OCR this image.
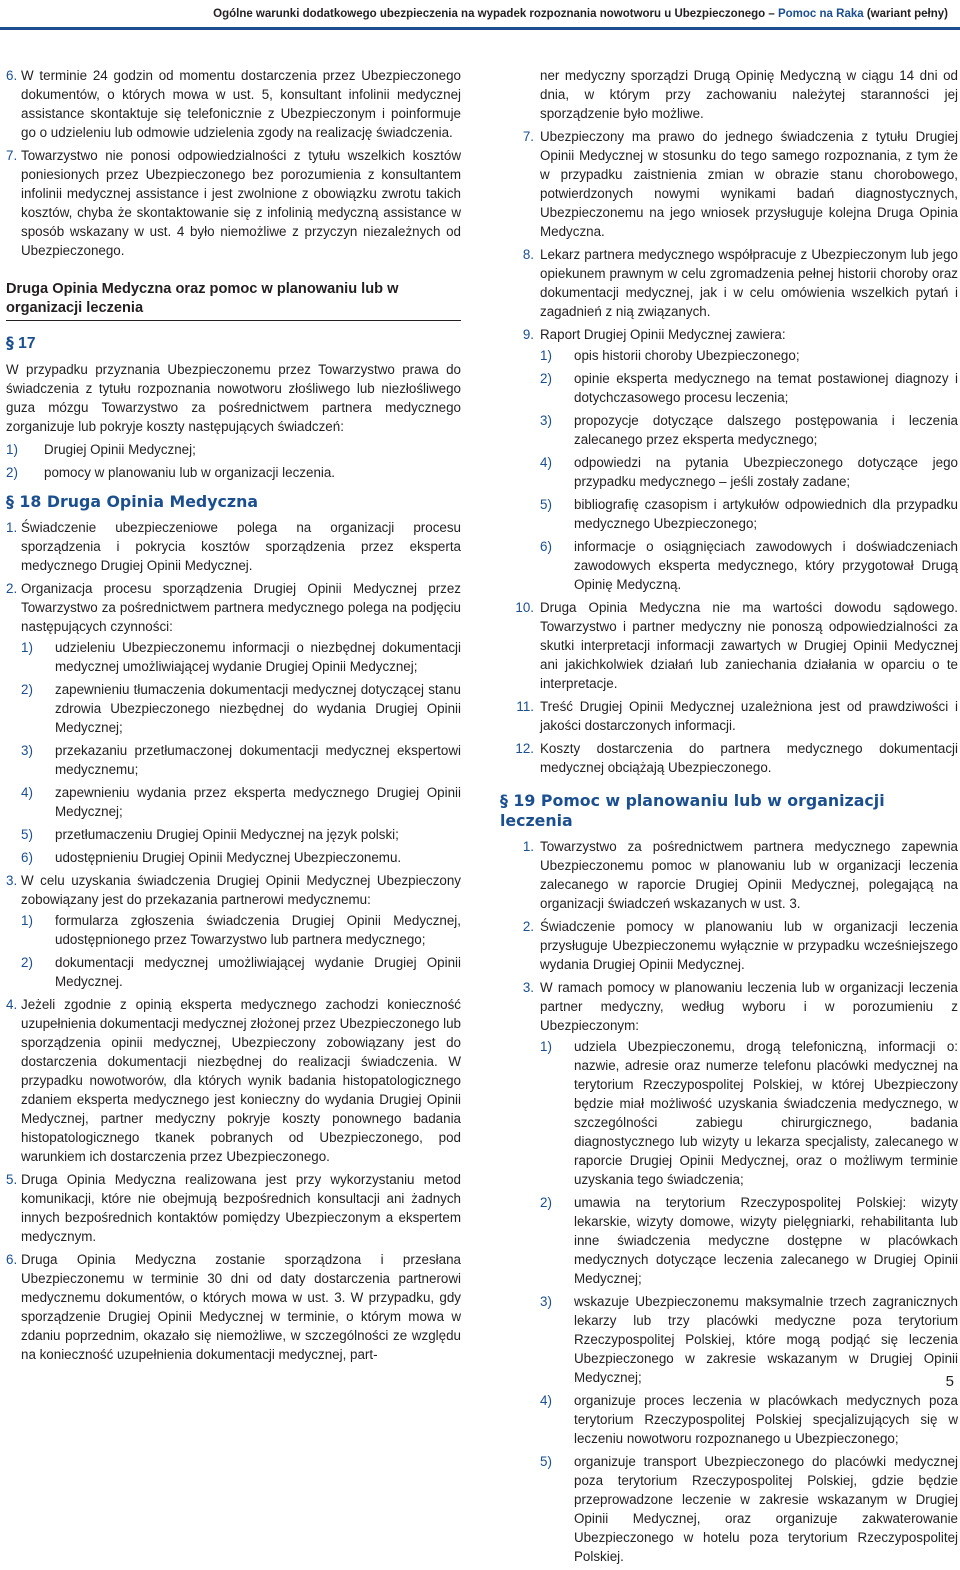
Ogólne warunki dodatkowego ubezpieczenia na wypadek rozpoznania nowotworu u Ubezpieczonego – Pomoc na Raka (wariant pełny)
6. W terminie 24 godzin od momentu dostarczenia przez Ubezpieczonego dokumentów, o których mowa w ust. 5, konsultant infolinii medycznej assistance skontaktuje się telefonicznie z Ubezpieczonym i poinformuje go o udzieleniu lub odmowie udzielenia zgody na realizację świadczenia.
7. Towarzystwo nie ponosi odpowiedzialności z tytułu wszelkich kosztów poniesionych przez Ubezpieczonego bez porozumienia z konsultantem infolinii medycznej assistance i jest zwolnione z obowiązku zwrotu takich kosztów, chyba że skontaktowanie się z infolinią medyczną assistance w sposób wskazany w ust. 4 było niemożliwe z przyczyn niezależnych od Ubezpieczonego.
Druga Opinia Medyczna oraz pomoc w planowaniu lub w organizacji leczenia
§ 17

W przypadku przyznania Ubezpieczonemu przez Towarzystwo prawa do świadczenia z tytułu rozpoznania nowotworu złośliwego lub niezłośliwego guza mózgu Towarzystwo za pośrednictwem partnera medycznego zorganizuje lub pokryje koszty następujących świadczeń:

1)	Drugiej Opinii Medycznej;
2)	pomocy w planowaniu lub w organizacji leczenia.
§ 18 Druga Opinia Medyczna
1. Świadczenie ubezpieczeniowe polega na organizacji procesu sporządzenia i pokrycia kosztów sporządzenia przez eksperta medycznego Drugiej Opinii Medycznej.
2. Organizacja procesu sporządzenia Drugiej Opinii Medycznej przez Towarzystwo za pośrednictwem partnera medycznego polega na podjęciu następujących czynności:
1)	udzieleniu Ubezpieczonemu informacji o niezbędnej dokumentacji medycznej umożliwiającej wydanie Drugiej Opinii Medycznej;
2)	zapewnieniu tłumaczenia dokumentacji medycznej dotyczącej stanu zdrowia Ubezpieczonego niezbędnej do wydania Drugiej Opinii Medycznej;
3)	przekazaniu przetłumaczonej dokumentacji medycznej ekspertowi medycznemu;
4)	zapewnieniu wydania przez eksperta medycznego Drugiej Opinii Medycznej;
5)	przetłumaczeniu Drugiej Opinii Medycznej na język polski;
6)	udostępnieniu Drugiej Opinii Medycznej Ubezpieczonemu.
3. W celu uzyskania świadczenia Drugiej Opinii Medycznej Ubezpieczony zobowiązany jest do przekazania partnerowi medycznemu:
1)	formularza zgłoszenia świadczenia Drugiej Opinii Medycznej, udostępnionego przez Towarzystwo lub partnera medycznego;
2)	dokumentacji medycznej umożliwiającej wydanie Drugiej Opinii Medycznej.
4. Jeżeli zgodnie z opinią eksperta medycznego zachodzi konieczność uzupełnienia dokumentacji medycznej złożonej przez Ubezpieczonego lub sporządzenia opinii medycznej, Ubezpieczony zobowiązany jest do dostarczenia dokumentacji niezbędnej do realizacji świadczenia. W przypadku nowotworów, dla których wynik badania histopatologicznego zdaniem eksperta medycznego jest konieczny do wydania Drugiej Opinii Medycznej, partner medyczny pokryje koszty ponownego badania histopatologicznego tkanek pobranych od Ubezpieczonego, pod warunkiem ich dostarczenia przez Ubezpieczonego.
5. Druga Opinia Medyczna realizowana jest przy wykorzystaniu metod komunikacji, które nie obejmują bezpośrednich konsultacji ani żadnych innych bezpośrednich kontaktów pomiędzy Ubezpieczonym a ekspertem medycznym.
6. Druga Opinia Medyczna zostanie sporządzona i przesłana Ubezpieczonemu w terminie 30 dni od daty dostarczenia partnerowi medycznemu dokumentów, o których mowa w ust. 3. W przypadku, gdy sporządzenie Drugiej Opinii Medycznej w terminie, o którym mowa w zdaniu poprzednim, okazało się niemożliwe, w szczególności ze względu na konieczność uzupełnienia dokumentacji medycznej, part-

ner medyczny sporządzi Drugą Opinię Medyczną w ciągu 14 dni od dnia, w którym przy zachowaniu należytej staranności jej sporządzenie było możliwe.

7. Ubezpieczony ma prawo do jednego świadczenia z tytułu Drugiej Opinii Medycznej w stosunku do tego samego rozpoznania, z tym że w przypadku zaistnienia zmian w obrazie stanu chorobowego, potwierdzonych nowymi wynikami badań diagnostycznych, Ubezpieczonemu na jego wniosek przysługuje kolejna Druga Opinia Medyczna.
8. Lekarz partnera medycznego współpracuje z Ubezpieczonym lub jego opiekunem prawnym w celu zgromadzenia pełnej historii choroby oraz dokumentacji medycznej, jak i w celu omówienia wszelkich pytań i zagadnień z nią związanych.
9. Raport Drugiej Opinii Medycznej zawiera:
1)	opis historii choroby Ubezpieczonego;
2)	opinie eksperta medycznego na temat postawionej diagnozy i dotychczasowego procesu leczenia;
3)	propozycje dotyczące dalszego postępowania i leczenia zalecanego przez eksperta medycznego;
4)	odpowiedzi na pytania Ubezpieczonego dotyczące jego przypadku medycznego – jeśli zostały zadane;
5)	bibliografię czasopism i artykułów odpowiednich dla przypadku medycznego Ubezpieczonego;
6)	informacje o osiągnięciach zawodowych i doświadczeniach zawodowych eksperta medycznego, który przygotował Drugą Opinię Medyczną.
10. Druga Opinia Medyczna nie ma wartości dowodu sądowego. Towarzystwo i partner medyczny nie ponoszą odpowiedzialności za skutki interpretacji informacji zawartych w Drugiej Opinii Medycznej ani jakichkolwiek działań lub zaniechania działania w oparciu o te interpretacje.
11. Treść Drugiej Opinii Medycznej uzależniona jest od prawdziwości i jakości dostarczonych informacji.
12. Koszty dostarczenia do partnera medycznego dokumentacji medycznej obciążają Ubezpieczonego.
§ 19 Pomoc w planowaniu lub w organizacji leczenia
1. Towarzystwo za pośrednictwem partnera medycznego zapewnia Ubezpieczonemu pomoc w planowaniu lub w organizacji leczenia zalecanego w raporcie Drugiej Opinii Medycznej, polegającą na organizacji świadczeń wskazanych w ust. 3.
2. Świadczenie pomocy w planowaniu lub w organizacji leczenia przysługuje Ubezpieczonemu wyłącznie w przypadku wcześniejszego wydania Drugiej Opinii Medycznej.
3. W ramach pomocy w planowaniu leczenia lub w organizacji leczenia partner medyczny, według wyboru i w porozumieniu z Ubezpieczonym:
1)	udziela Ubezpieczonemu, drogą telefoniczną, informacji o: nazwie, adresie oraz numerze telefonu placówki medycznej na terytorium Rzeczypospolitej Polskiej, w której Ubezpieczony będzie miał możliwość uzyskania świadczenia medycznego, w szczególności zabiegu chirurgicznego, badania diagnostycznego lub wizyty u lekarza specjalisty, zalecanego w raporcie Drugiej Opinii Medycznej, oraz o możliwym terminie uzyskania tego świadczenia;
2)	umawia na terytorium Rzeczypospolitej Polskiej: wizyty lekarskie, wizyty domowe, wizyty pielęgniarki, rehabilitanta lub inne świadczenia medyczne dostępne w placówkach medycznych dotyczące leczenia zalecanego w Drugiej Opinii Medycznej;
3)	wskazuje Ubezpieczonemu maksymalnie trzech zagranicznych lekarzy lub trzy placówki medyczne poza terytorium Rzeczypospolitej Polskiej, które mogą podjąć się leczenia Ubezpieczonego w zakresie wskazanym w Drugiej Opinii Medycznej;
4)	organizuje proces leczenia w placówkach medycznych poza terytorium Rzeczypospolitej Polskiej specjalizujących się w leczeniu nowotworu rozpoznanego u Ubezpieczonego;
5)	organizuje transport Ubezpieczonego do placówki medycznej poza terytorium Rzeczypospolitej Polskiej, gdzie będzie przeprowadzone leczenie w zakresie wskazanym w Drugiej Opinii Medycznej, oraz organizuje zakwaterowanie Ubezpieczonego w hotelu poza terytorium Rzeczypospolitej Polskiej.
5
